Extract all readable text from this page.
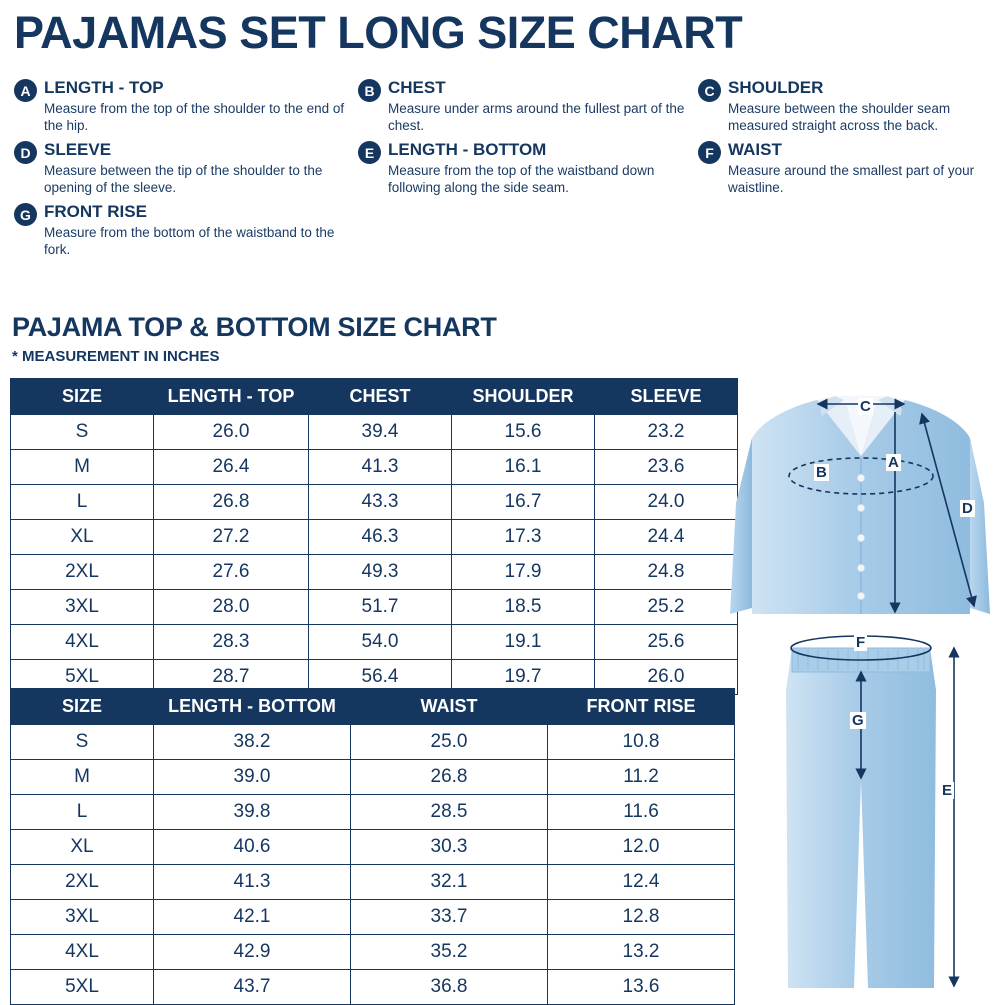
PAJAMAS SET LONG SIZE CHART
A LENGTH - TOP
Measure from the top of the shoulder to the end of the hip.
B CHEST
Measure under arms around the fullest part of the chest.
C SHOULDER
Measure between the shoulder seam measured straight across the back.
D SLEEVE
Measure between the tip of the shoulder to the opening of the sleeve.
E LENGTH - BOTTOM
Measure from the top of the waistband down following along the side seam.
F WAIST
Measure around the smallest part of your waistline.
G FRONT RISE
Measure from the bottom of the waistband to the fork.
PAJAMA TOP & BOTTOM SIZE CHART
* MEASUREMENT IN INCHES
SIZE	LENGTH - TOP	CHEST	SHOULDER	SLEEVE
S	26.0	39.4	15.6	23.2
M	26.4	41.3	16.1	23.6
L	26.8	43.3	16.7	24.0
XL	27.2	46.3	17.3	24.4
2XL	27.6	49.3	17.9	24.8
3XL	28.0	51.7	18.5	25.2
4XL	28.3	54.0	19.1	25.6
5XL	28.7	56.4	19.7	26.0
SIZE	LENGTH - BOTTOM	WAIST	FRONT RISE
S	38.2	25.0	10.8
M	39.0	26.8	11.2
L	39.8	28.5	11.6
XL	40.6	30.3	12.0
2XL	41.3	32.1	12.4
3XL	42.1	33.7	12.8
4XL	42.9	35.2	13.2
5XL	43.7	36.8	13.6
C
B
A
D
F
G
E
